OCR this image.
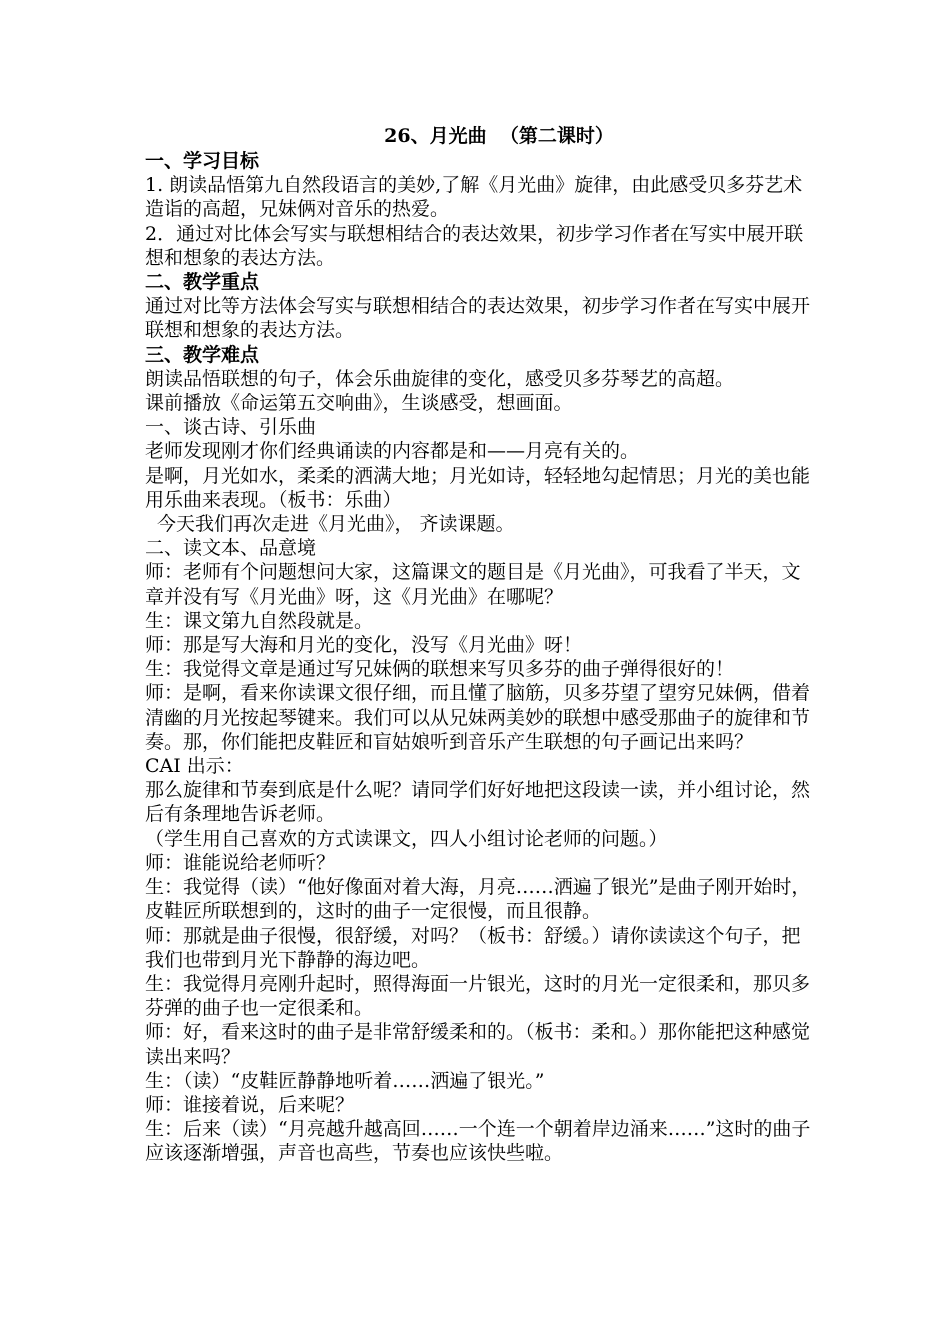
26、月光曲  （第二课时）

一、学习目标

1. 朗读品悟第九自然段语言的美妙,了解《月光曲》旋律，由此感受贝多芬艺术造诣的高超，兄妹俩对音乐的热爱。

2．通过对比体会写实与联想相结合的表达效果，初步学习作者在写实中展开联想和想象的表达方法。

二、教学重点

通过对比等方法体会写实与联想相结合的表达效果，初步学习作者在写实中展开联想和想象的表达方法。

三、教学难点

朗读品悟联想的句子，体会乐曲旋律的变化，感受贝多芬琴艺的高超。

课前播放《命运第五交响曲》，生谈感受，想画面。

一、谈古诗、引乐曲

老师发现刚才你们经典诵读的内容都是和——月亮有关的。

是啊，月光如水，柔柔的洒满大地；月光如诗，轻轻地勾起情思；月光的美也能用乐曲来表现。（板书：乐曲）

今天我们再次走进《月光曲》， 齐读课题。

二、读文本、品意境

师：老师有个问题想问大家，这篇课文的题目是《月光曲》，可我看了半天，文章并没有写《月光曲》呀，这《月光曲》在哪呢？

生：课文第九自然段就是。

师：那是写大海和月光的变化，没写《月光曲》呀！

生：我觉得文章是通过写兄妹俩的联想来写贝多芬的曲子弹得很好的！

师：是啊，看来你读课文很仔细，而且懂了脑筋，贝多芬望了望穷兄妹俩，借着清幽的月光按起琴键来。我们可以从兄妹两美妙的联想中感受那曲子的旋律和节奏。那，你们能把皮鞋匠和盲姑娘听到音乐产生联想的句子画记出来吗？

CAI 出示：

那么旋律和节奏到底是什么呢？请同学们好好地把这段读一读，并小组讨论，然后有条理地告诉老师。

（学生用自己喜欢的方式读课文，四人小组讨论老师的问题。）

师：谁能说给老师听？

生：我觉得（读）“他好像面对着大海，月亮……洒遍了银光”是曲子刚开始时，皮鞋匠所联想到的，这时的曲子一定很慢，而且很静。

师：那就是曲子很慢，很舒缓，对吗？（板书：舒缓。）请你读读这个句子，把我们也带到月光下静静的海边吧。

生：我觉得月亮刚升起时，照得海面一片银光，这时的月光一定很柔和，那贝多芬弹的曲子也一定很柔和。

师：好，看来这时的曲子是非常舒缓柔和的。（板书：柔和。）那你能把这种感觉读出来吗？

生：（读）“皮鞋匠静静地听着……洒遍了银光。”

师：谁接着说，后来呢？

生：后来（读）“月亮越升越高回……一个连一个朝着岸边涌来……”这时的曲子应该逐渐增强，声音也高些，节奏也应该快些啦。
